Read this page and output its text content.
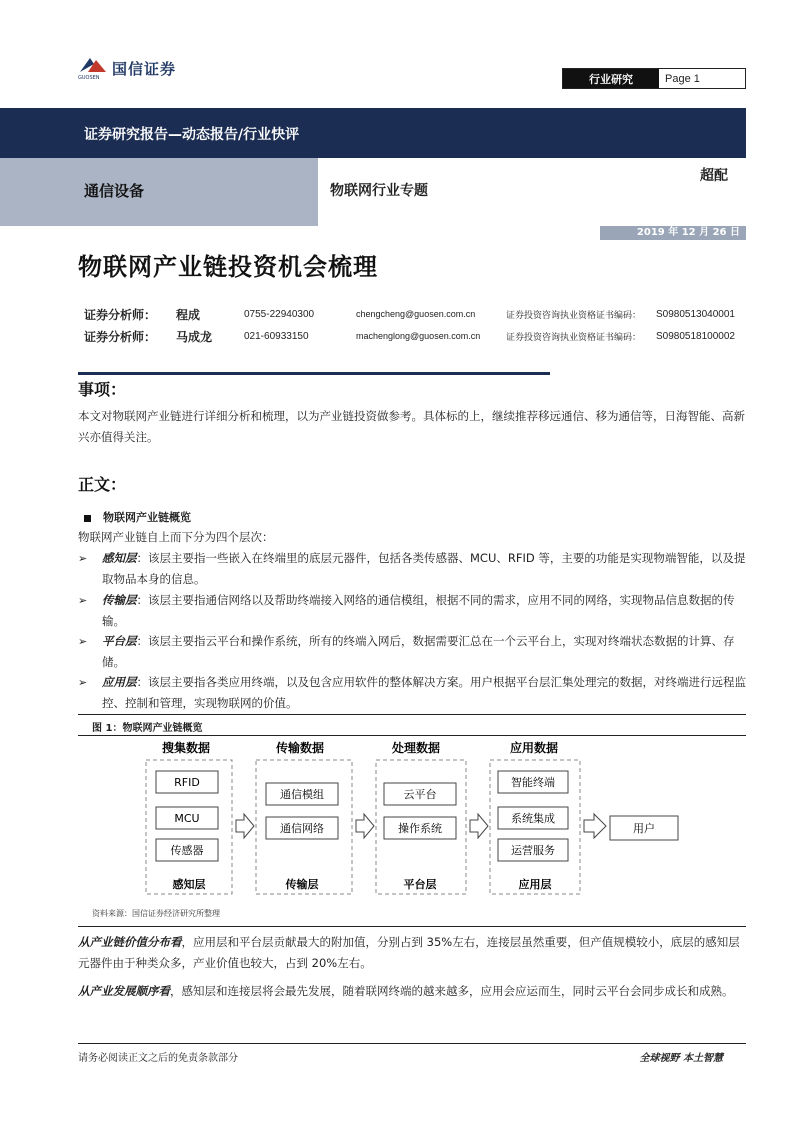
国信证券
GUOSEN	行业研究	Page 1
证券研究报告—动态报告/行业快评
通信设备	物联网行业专题
超配
2019 年 12 月 26 日
物联网产业链投资机会梳理
证券分析师： 程成	0755-22940300	chengcheng@guosen.com.cn	证券投资咨询执业资格证书编码： S0980513040001
证券分析师： 马成龙	021-60933150	machenglong@guosen.com.cn	证券投资咨询执业资格证书编码： S0980518100002
事项：
本文对物联网产业链进行详细分析和梳理，以为产业链投资做参考。具体标的上，继续推荐移远通信、移为通信等，日海智能、高新兴亦值得关注。
正文：
物联网产业链概览
物联网产业链自上而下分为四个层次：
➢ 感知层：该层主要指一些嵌入在终端里的底层元器件，包括各类传感器、MCU、RFID 等，主要的功能是实现物端智能，以及提取物品本身的信息。
➢ 传输层：该层主要指通信网络以及帮助终端接入网络的通信模组，根据不同的需求，应用不同的网络，实现物品信息数据的传输。
➢ 平台层：该层主要指云平台和操作系统，所有的终端入网后，数据需要汇总在一个云平台上，实现对终端状态数据的计算、存储。
➢ 应用层：该层主要指各类应用终端，以及包含应用软件的整体解决方案。用户根据平台层汇集处理完的数据，对终端进行远程监控、控制和管理，实现物联网的价值。
图 1：物联网产业链概览
搜集数据
RFID
MCU
传感器
感知层
传输数据
通信模组
通信网络
传输层
处理数据
云平台
操作系统
平台层
应用数据
智能终端
系统集成
运营服务
应用层
用户
资料来源：国信证券经济研究所整理
从产业链价值分布看，应用层和平台层贡献最大的附加值，分别占到 35%左右，连接层虽然重要，但产值规模较小，底层的感知层元器件由于种类众多，产业价值也较大，占到 20%左右。
从产业发展顺序看，感知层和连接层将会最先发展，随着联网终端的越来越多，应用会应运而生，同时云平台会同步成长和成熟。
请务必阅读正文之后的免责条款部分	全球视野 本土智慧
